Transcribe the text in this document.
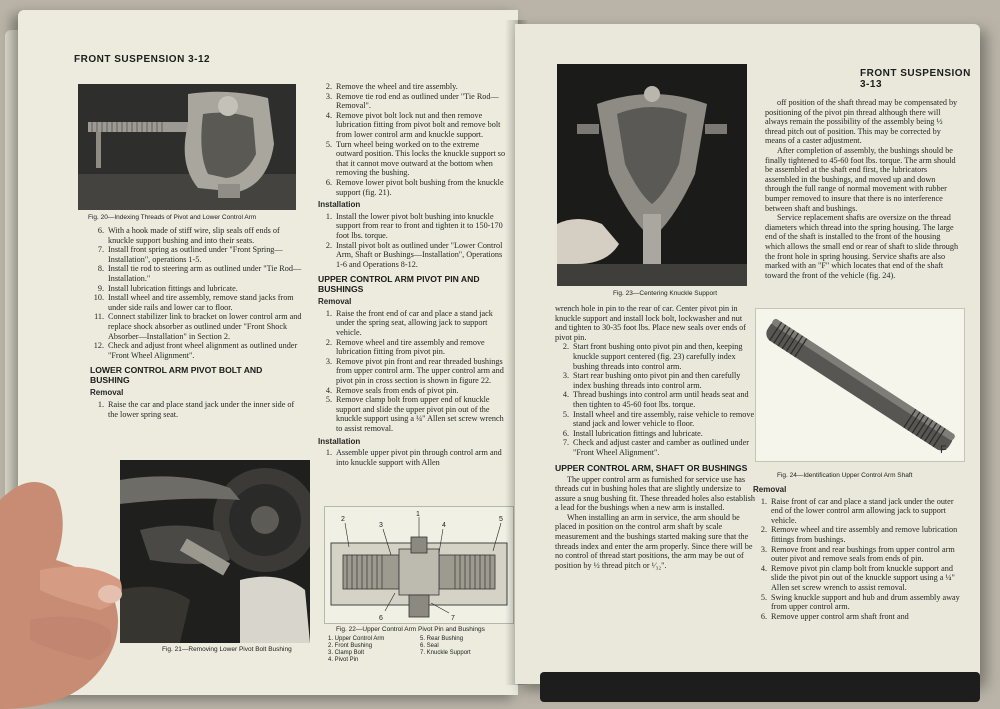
FRONT SUSPENSION 3-12
Fig. 20—Indexing Threads of Pivot and Lower Control Arm
6. With a hook made of stiff wire, slip seals off ends of knuckle support bushing and into their seats.
7. Install front spring as outlined under "Front Spring—Installation", operations 1-5.
8. Install tie rod to steering arm as outlined under "Tie Rod—Installation."
9. Install lubrication fittings and lubricate.
10. Install wheel and tire assembly, remove stand jacks from under side rails and lower car to floor.
11. Connect stabilizer link to bracket on lower control arm and replace shock absorber as outlined under "Front Shock Absorber—Installation" in Section 2.
12. Check and adjust front wheel alignment as outlined under "Front Wheel Alignment".
LOWER CONTROL ARM PIVOT BOLT AND BUSHING
Removal
1. Raise the car and place stand jack under the inner side of the lower spring seat.
Fig. 21—Removing Lower Pivot Bolt Bushing
2. Remove the wheel and tire assembly.
3. Remove tie rod end as outlined under "Tie Rod—Removal".
4. Remove pivot bolt lock nut and then remove lubrication fitting from pivot bolt and remove bolt from lower control arm and knuckle support.
5. Turn wheel being worked on to the extreme outward position. This locks the knuckle support so that it cannot move outward at the bottom when removing the bushing.
6. Remove lower pivot bolt bushing from the knuckle support (fig. 21).
Installation
1. Install the lower pivot bolt bushing into knuckle support from rear to front and tighten it to 150-170 foot lbs. torque.
2. Install pivot bolt as outlined under "Lower Control Arm, Shaft or Bushings—Installation", Operations 1-6 and Operations 8-12.
UPPER CONTROL ARM PIVOT PIN AND BUSHINGS
Removal
1. Raise the front end of car and place a stand jack under the spring seat, allowing jack to support vehicle.
2. Remove wheel and tire assembly and remove lubrication fitting from pivot pin.
3. Remove pivot pin front and rear threaded bushings from upper control arm. The upper control arm and pivot pin in cross section is shown in figure 22.
4. Remove seals from ends of pivot pin.
5. Remove clamp bolt from upper end of knuckle support and slide the upper pivot pin out of the knuckle support using a ¼" Allen set screw wrench to assist removal.
Installation
1. Assemble upper pivot pin through control arm and into knuckle support with Allen
2
3
1
4
5
6	7
Fig. 22—Upper Control Arm Pivot Pin and Bushings
1. Upper Control Arm
2. Front Bushing
3. Clamp Bolt
4. Pivot Pin
5. Rear Bushing
6. Seal
7. Knuckle Support
FRONT SUSPENSION 3-13
Fig. 23—Centering Knuckle Support
wrench hole in pin to the rear of car. Center pivot pin in knuckle support and install lock bolt, lockwasher and nut and tighten to 30-35 foot lbs. Place new seals over ends of pivot pin.
2. Start front bushing onto pivot pin and then, keeping knuckle support centered (fig. 23) carefully index bushing threads into control arm.
3. Start rear bushing onto pivot pin and then carefully index bushing threads into control arm.
4. Thread bushings into control arm until heads seat and then tighten to 45-60 foot lbs. torque.
5. Install wheel and tire assembly, raise vehicle to remove stand jack and lower vehicle to floor.
6. Install lubrication fittings and lubricate.
7. Check and adjust caster and camber as outlined under "Front Wheel Alignment".
UPPER CONTROL ARM, SHAFT OR BUSHINGS
The upper control arm as furnished for service use has threads cut in bushing holes that are slightly undersize to assure a snug bushing fit. These threaded holes also establish a lead for the bushings when a new arm is installed.
When installing an arm in service, the arm should be placed in position on the control arm shaft by scale measurement and the bushings started making sure that the threads index and enter the arm properly. Since there will be no control of thread start positions, the arm may be out of position by ½ thread pitch or ¹⁄₃₂".
off position of the shaft thread may be compensated by positioning of the pivot pin thread although there will always remain the possibility of the assembly being ½ thread pitch out of position. This may be corrected by means of a caster adjustment.
After completion of assembly, the bushings should be finally tightened to 45-60 foot lbs. torque. The arm should be assembled at the shaft end first, the lubricators assembled in the bushings, and moved up and down through the full range of normal movement with rubber bumper removed to insure that there is no interference between shaft and bushings.
Service replacement shafts are oversize on the thread diameters which thread into the spring housing. The large end of the shaft is installed to the front of the housing which allows the small end or rear of shaft to slide through the front hole in spring housing. Service shafts are also marked with an "F" which locates that end of the shaft toward the front of the vehicle (fig. 24).
F
Fig. 24—Identification Upper Control Arm Shaft
Removal
1. Raise front of car and place a stand jack under the outer end of the lower control arm allowing jack to support vehicle.
2. Remove wheel and tire assembly and remove lubrication fittings from bushings.
3. Remove front and rear bushings from upper control arm outer pivot and remove seals from ends of pin.
4. Remove pivot pin clamp bolt from knuckle support and slide the pivot pin out of the knuckle support using a ¼" Allen set screw wrench to assist removal.
5. Swing knuckle support and hub and drum assembly away from upper control arm.
6. Remove upper control arm shaft front and
